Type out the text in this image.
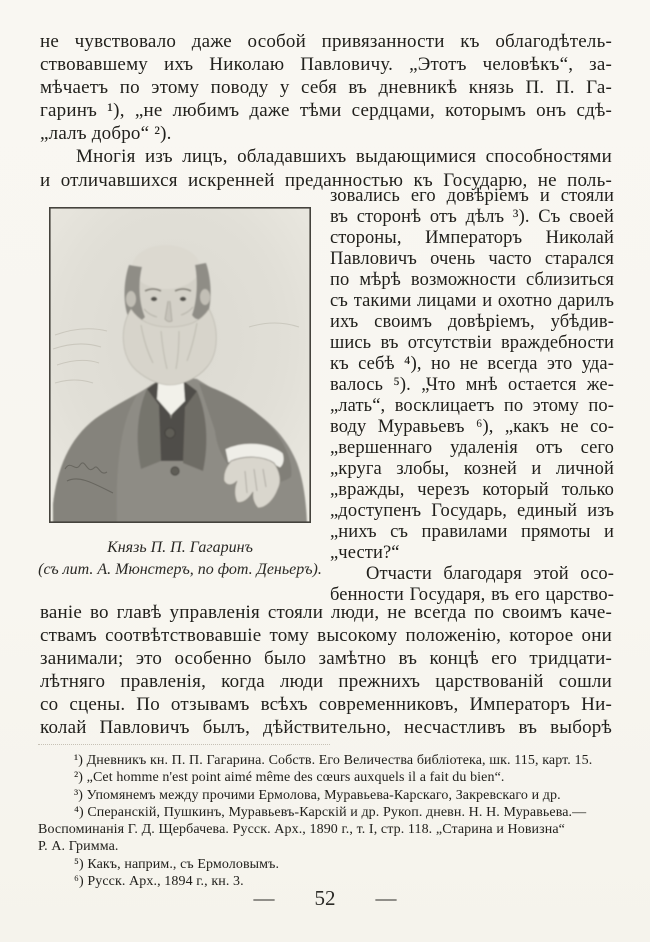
не чувствовало даже особой привязанности къ облагодѣтель-
ствовавшему ихъ Николаю Павловичу. „Этотъ человѣкъ“, за-
мѣчаетъ по этому поводу у себя въ дневникѣ князь П. П. Га-
гаринъ ¹), „не любимъ даже тѣми сердцами, которымъ онъ сдѣ-
„лалъ добро“ ²).
Многія изъ лицъ, обладавшихъ выдающимися способностями
и отличавшихся искренней преданностью къ Государю, не поль-
зовались его довѣріемъ и стояли
въ сторонѣ отъ дѣлъ ³). Съ своей
стороны, Императоръ Николай
Павловичъ очень часто старался
по мѣрѣ возможности сблизиться
съ такими лицами и охотно дарилъ
ихъ своимъ довѣріемъ, убѣдив-
шись въ отсутствіи враждебности
къ себѣ ⁴), но не всегда это уда-
валось ⁵). „Что мнѣ остается же-
„лать“, восклицаетъ по этому по-
воду Муравьевъ ⁶), „какъ не со-
„вершеннаго удаленія отъ сего
„круга злобы, козней и личной
„вражды, черезъ который только
„доступенъ Государь, единый изъ
„нихъ съ правилами прямоты и
„чести?“
Отчасти благодаря этой осо-
бенности Государя, въ его царство-
Князь П. П. Гагаринъ
(съ лит. А. Мюнстеръ, по фот. Деньеръ).
ваніе во главѣ управленія стояли люди, не всегда по своимъ каче-
ствамъ соотвѣтствовавшіе тому высокому положенію, которое они
занимали; это особенно было замѣтно въ концѣ его тридцати-
лѣтняго правленія, когда люди прежнихъ царствованій сошли
со сцены. По отзывамъ всѣхъ современниковъ, Императоръ Ни-
колай Павловичъ былъ, дѣйствительно, несчастливъ въ выборѣ
¹) Дневникъ кн. П. П. Гагарина. Собств. Его Величества библіотека, шк. 115, карт. 15.
²) „Cet homme n'est point aimé même des cœurs auxquels il a fait du bien“.
³) Упомянемъ между прочими Ермолова, Муравьева-Карскаго, Закревскаго и др.
⁴) Сперанскій, Пушкинъ, Муравьевъ-Карскій и др. Рукоп. дневн. Н. Н. Муравьева.—
Воспоминанія Г. Д. Щербачева. Русск. Арх., 1890 г., т. I, стр. 118. „Старина и Новизна“
Р. А. Гримма.
⁵) Какъ, наприм., съ Ермоловымъ.
⁶) Русск. Арх., 1894 г., кн. 3.
— 52 —
